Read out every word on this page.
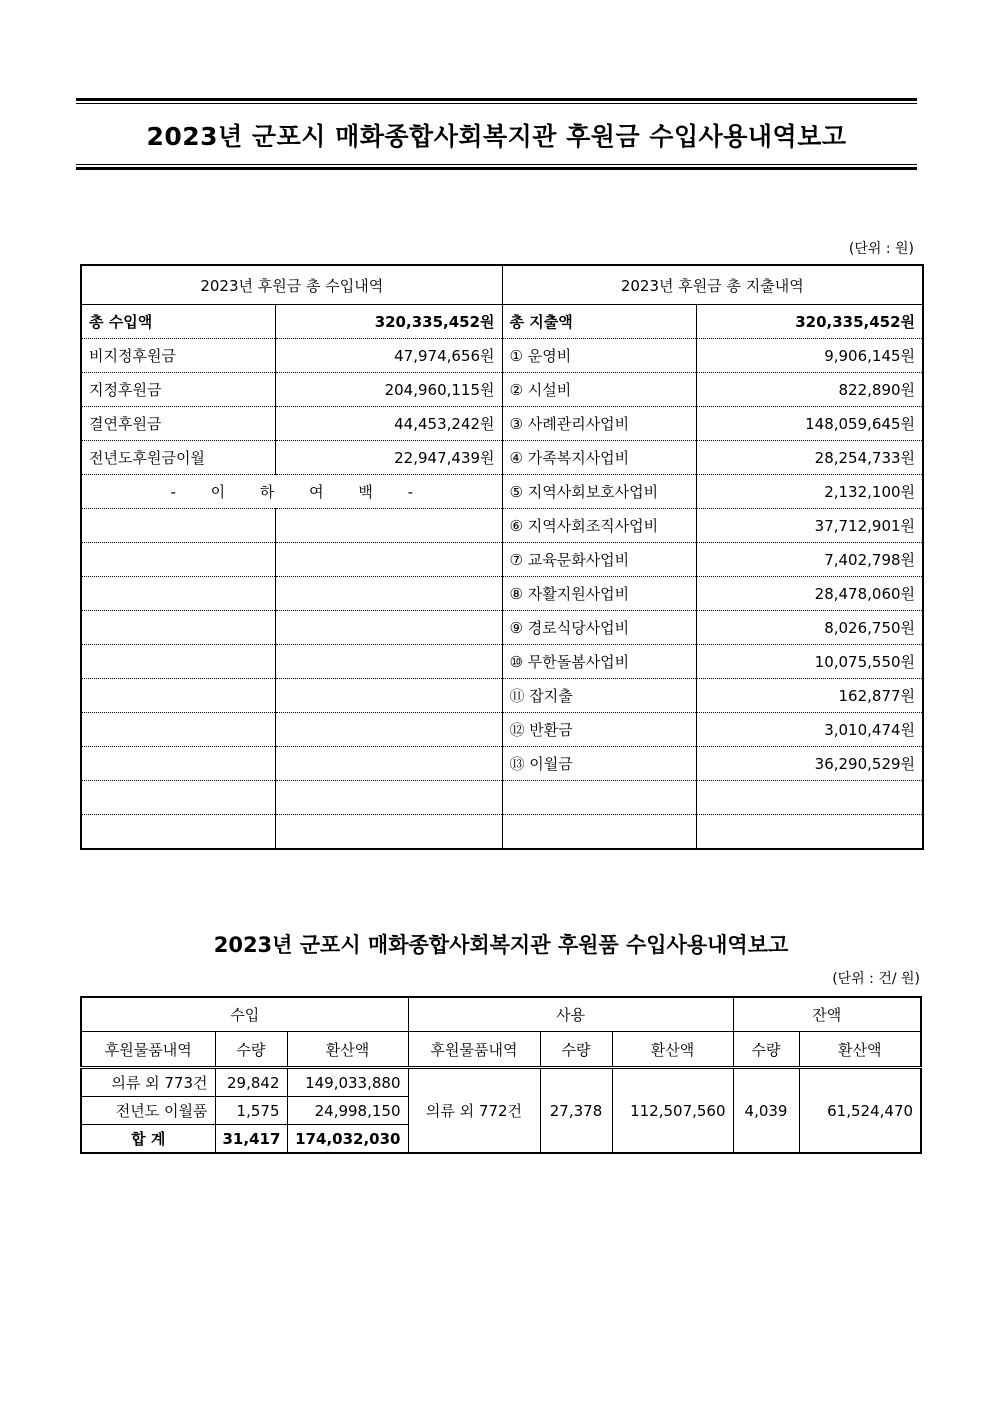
2023년 군포시 매화종합사회복지관 후원금 수입사용내역보고
(단위 : 원)
2023년 후원금 총 수입내역		2023년 후원금 총 지출내역	
총 수입액	320,335,452원	총 지출액	320,335,452원
비지정후원금	47,974,656원	① 운영비	9,906,145원
지정후원금	204,960,115원	② 시설비	822,890원
결연후원금	44,453,242원	③ 사례관리사업비	148,059,645원
전년도후원금이월	22,947,439원	④ 가족복지사업비	28,254,733원
- 이 하 여 백 -		⑤ 지역사회보호사업비	2,132,100원
		⑥ 지역사회조직사업비	37,712,901원
		⑦ 교육문화사업비	7,402,798원
		⑧ 자활지원사업비	28,478,060원
		⑨ 경로식당사업비	8,026,750원
		⑩ 무한돌봄사업비	10,075,550원
		⑪ 잡지출	162,877원
		⑫ 반환금	3,010,474원
		⑬ 이월금	36,290,529원

2023년 군포시 매화종합사회복지관 후원품 수입사용내역보고
(단위 : 건/ 원)
수입			사용			잔액	
후원물품내역	수량	환산액	후원물품내역	수량	환산액	수량	환산액
의류 외 773건	29,842	149,033,880	의류 외 772건	27,378	112,507,560	4,039	61,524,470
전년도 이월품	1,575	24,998,150					
합 계	31,417	174,032,030					
